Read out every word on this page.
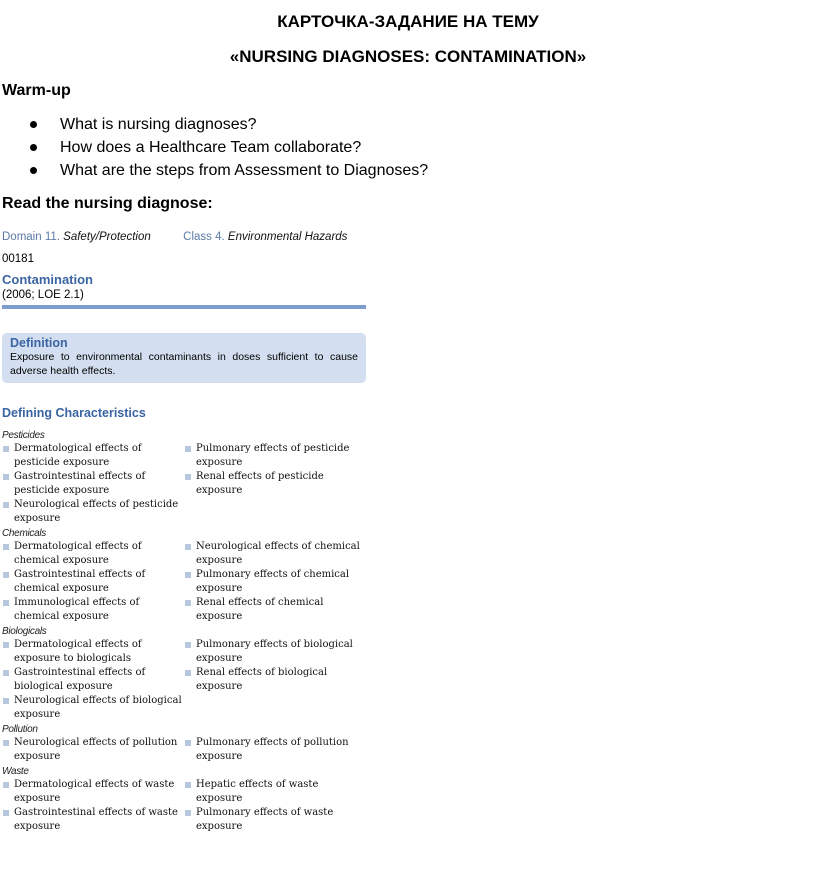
КАРТОЧКА-ЗАДАНИЕ НА ТЕМУ
«NURSING DIAGNOSES: CONTAMINATION»
Warm-up
What is nursing diagnoses?
How does a Healthcare Team collaborate?
What are the steps from Assessment to Diagnoses?
Read the nursing diagnose:
Domain 11. Safety/Protection	Class 4. Environmental Hazards
00181
Contamination
(2006; LOE 2.1)
Definition
Exposure to environmental contaminants in doses sufficient to cause adverse health effects.
Defining Characteristics
Pesticides
Dermatological effects of pesticide exposure
Gastrointestinal effects of pesticide exposure
Neurological effects of pesticide exposure
Pulmonary effects of pesticide exposure
Renal effects of pesticide exposure
Chemicals
Dermatological effects of chemical exposure
Gastrointestinal effects of chemical exposure
Immunological effects of chemical exposure
Neurological effects of chemical exposure
Pulmonary effects of chemical exposure
Renal effects of chemical exposure
Biologicals
Dermatological effects of exposure to biologicals
Gastrointestinal effects of biological exposure
Neurological effects of biological exposure
Pulmonary effects of biological exposure
Renal effects of biological exposure
Pollution
Neurological effects of pollution exposure
Pulmonary effects of pollution exposure
Waste
Dermatological effects of waste exposure
Gastrointestinal effects of waste exposure
Hepatic effects of waste exposure
Pulmonary effects of waste exposure
